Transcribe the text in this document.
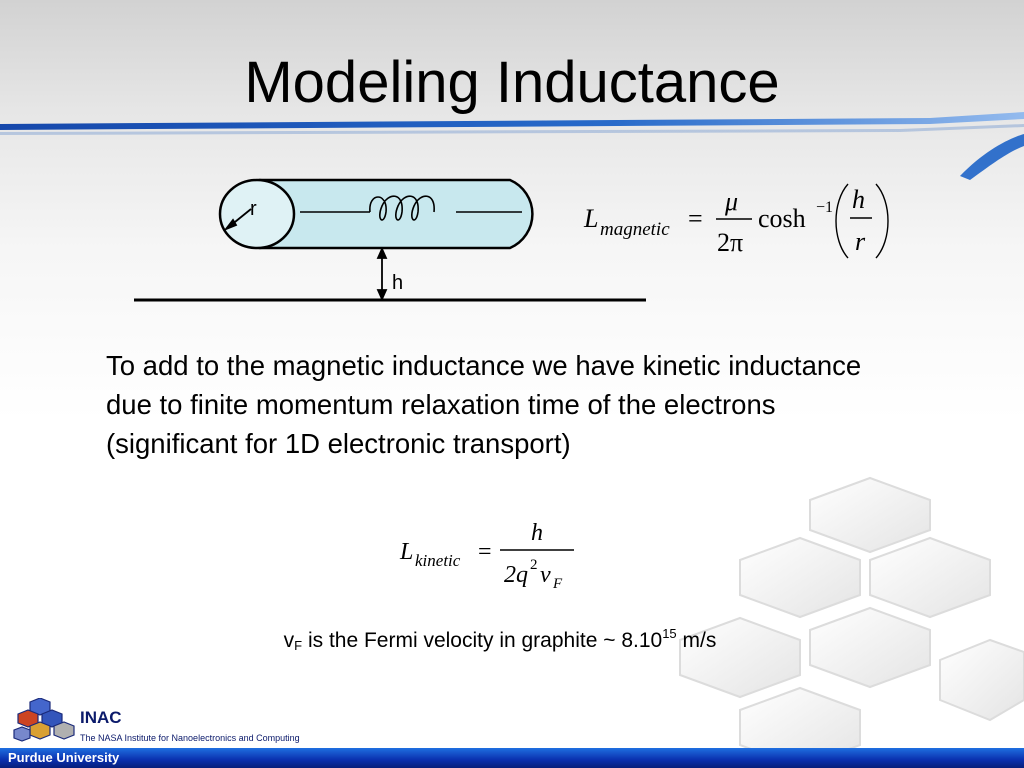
Modeling Inductance
r
h
L magnetic =
μ
2π
cosh −1 h
r
To add to the magnetic inductance we have kinetic inductance due to finite momentum relaxation time of the electrons (significant for 1D electronic transport)
L kinetic =
h
2q 2 v F
$v_F$ is the Fermi velocity in graphite ~ 8.10$^{15}$ m/s
INAC
The NASA Institute for Nanoelectronics and Computing
Purdue University
